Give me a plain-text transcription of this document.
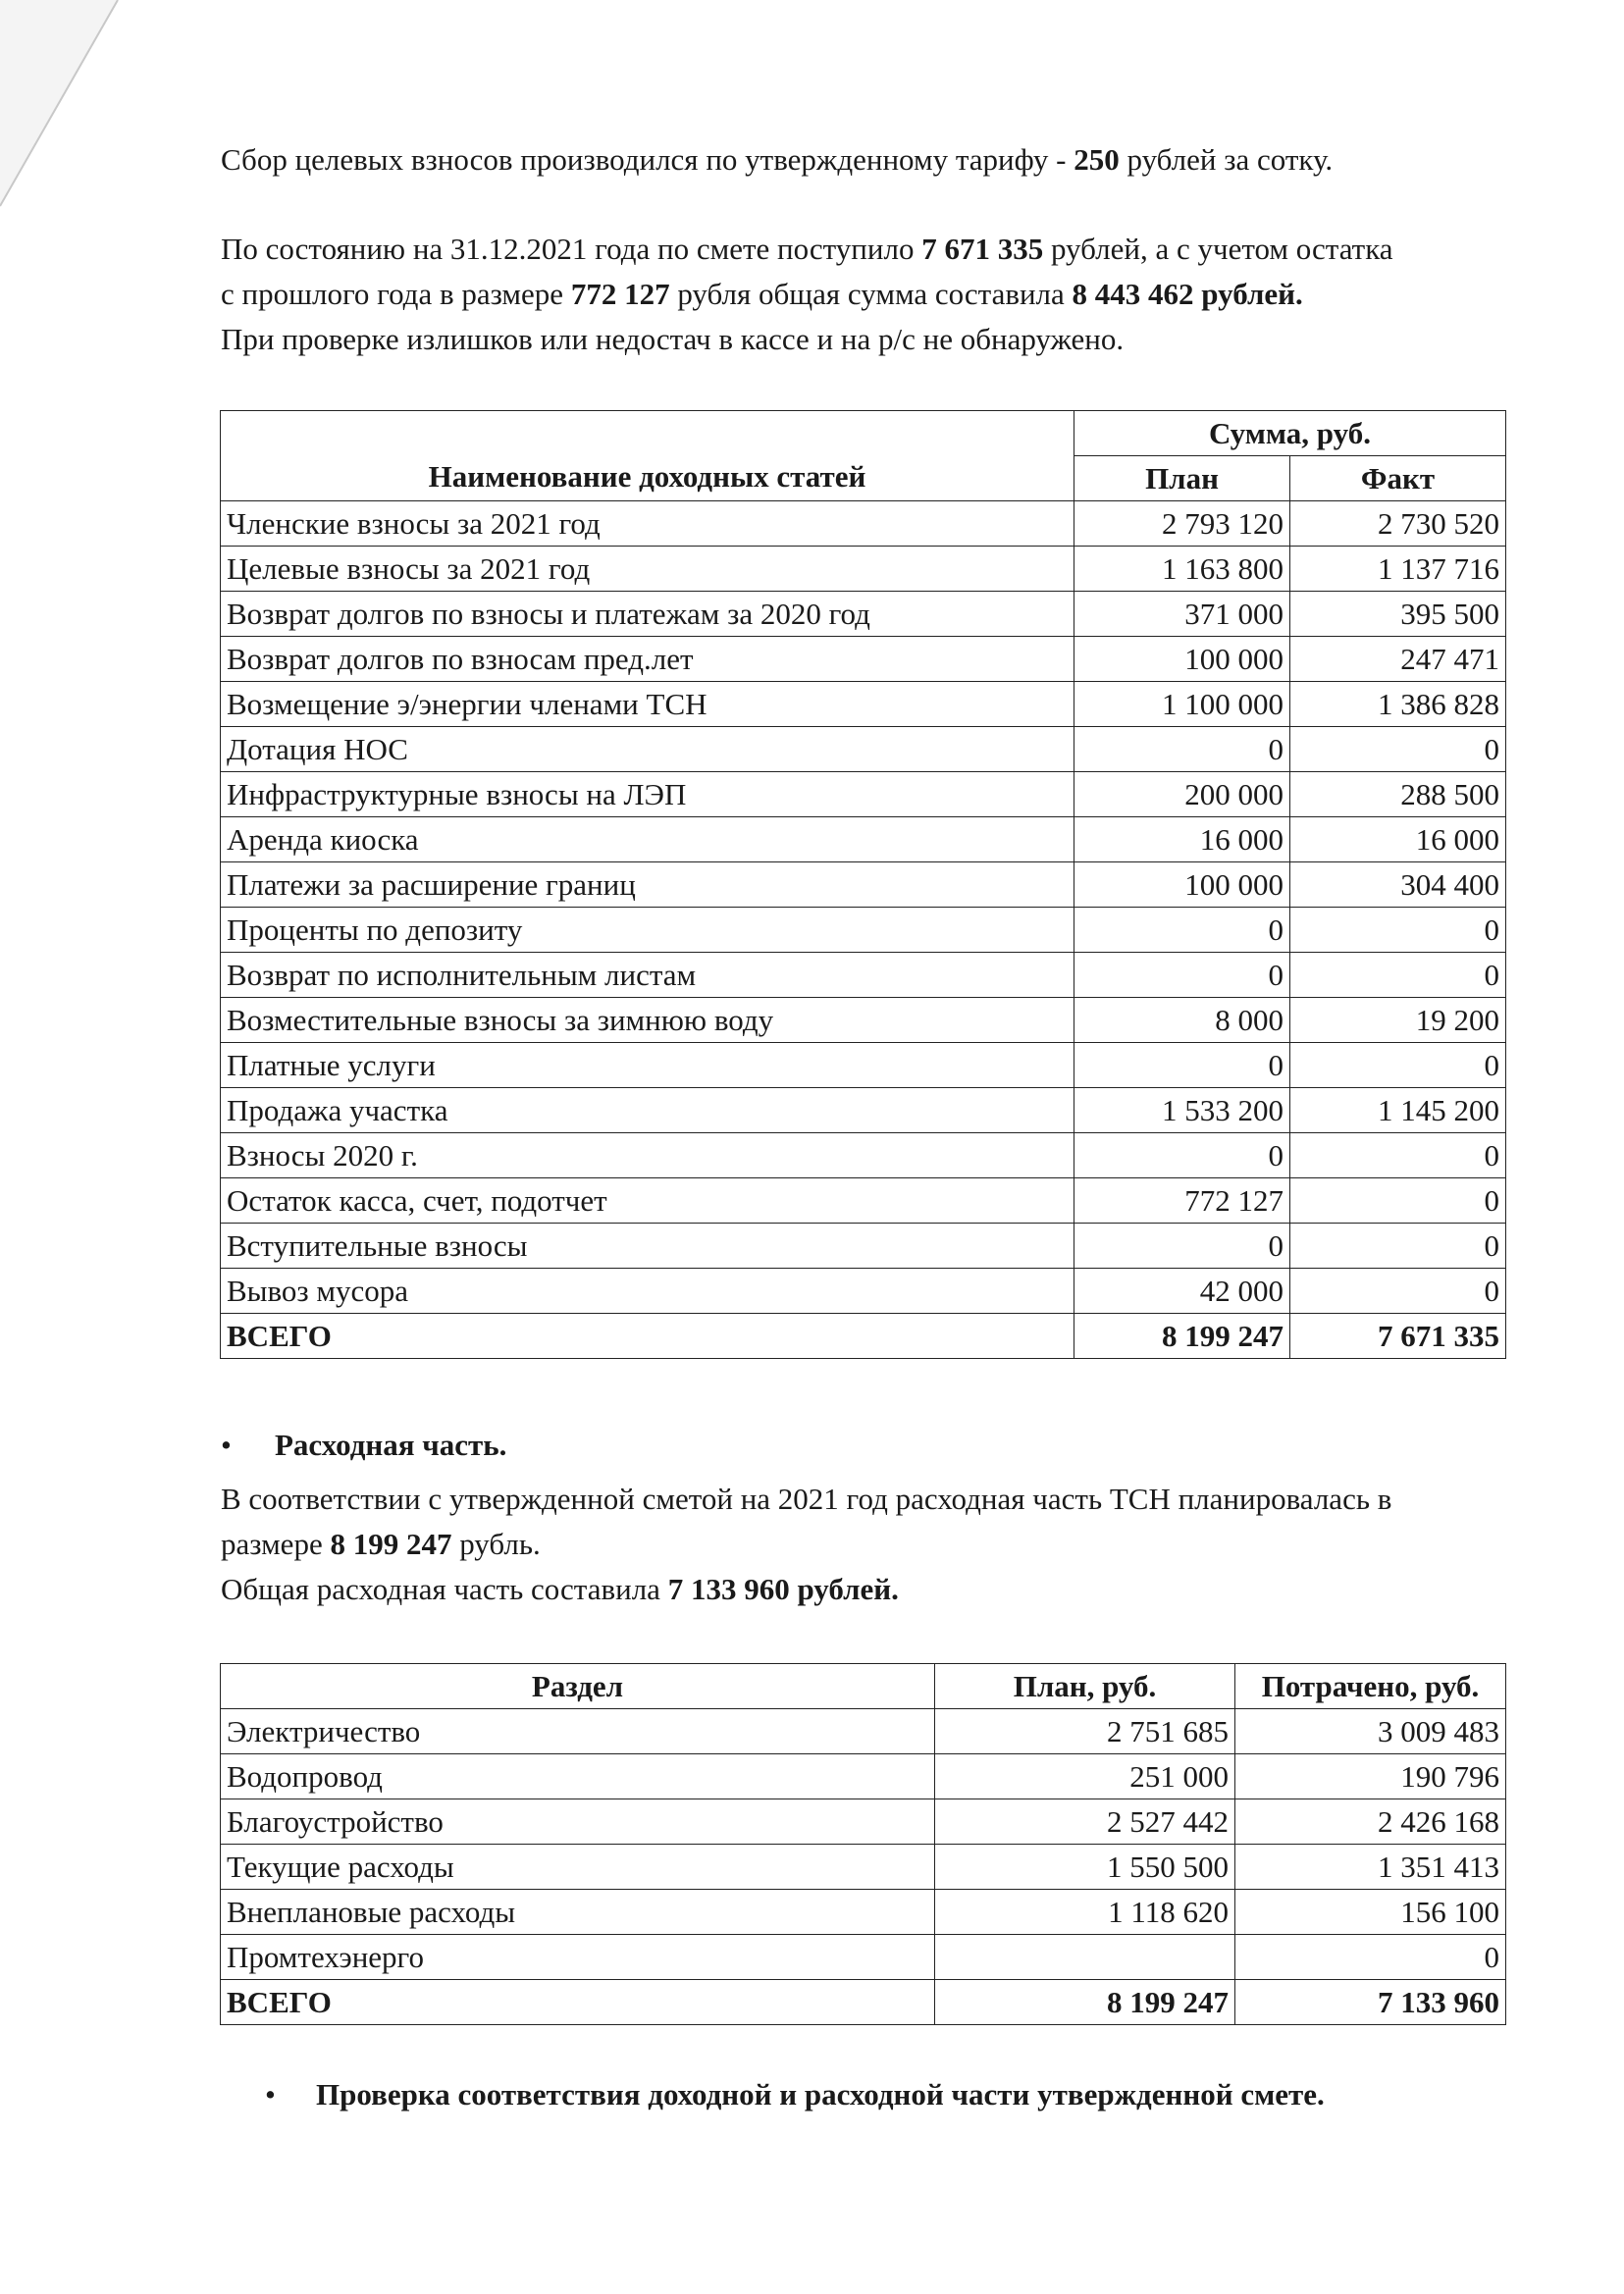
Сбор целевых взносов производился по утвержденному тарифу - 250 рублей за сотку.

По состоянию на 31.12.2021 года по смете поступило 7 671 335 рублей, а с учетом остатка
с прошлого года в размере 772 127 рубля общая сумма составила 8 443 462 рублей.
При проверке излишков или недостач в кассе и на р/с не обнаружено.

Наименование доходных статей	Сумма, руб.	
	План	Факт
Членские взносы за 2021 год	2 793 120	2 730 520
Целевые взносы за 2021 год	1 163 800	1 137 716
Возврат долгов по взносы и платежам за 2020 год	371 000	395 500
Возврат долгов по взносам пред.лет	100 000	247 471
Возмещение э/энергии членами ТСН	1 100 000	1 386 828
Дотация НОС	0	0
Инфраструктурные взносы на ЛЭП	200 000	288 500
Аренда киоска	16 000	16 000
Платежи за расширение границ	100 000	304 400
Проценты по депозиту	0	0
Возврат по исполнительным листам	0	0
Возместительные взносы за зимнюю воду	8 000	19 200
Платные услуги	0	0
Продажа участка	1 533 200	1 145 200
Взносы 2020 г.	0	0
Остаток касса, счет, подотчет	772 127	0
Вступительные взносы	0	0
Вывоз мусора	42 000	0
ВСЕГО	8 199 247	7 671 335
• Расходная часть.

В соответствии с утвержденной сметой на 2021 год расходная часть ТСН планировалась в
размере 8 199 247 рубль.
Общая расходная часть составила 7 133 960 рублей.

Раздел	План, руб.	Потрачено, руб.
Электричество	2 751 685	3 009 483
Водопровод	251 000	190 796
Благоустройство	2 527 442	2 426 168
Текущие расходы	1 550 500	1 351 413
Внеплановые расходы	1 118 620	156 100
Промтехэнерго		0
ВСЕГО	8 199 247	7 133 960
• Проверка соответствия доходной и расходной части утвержденной смете.
